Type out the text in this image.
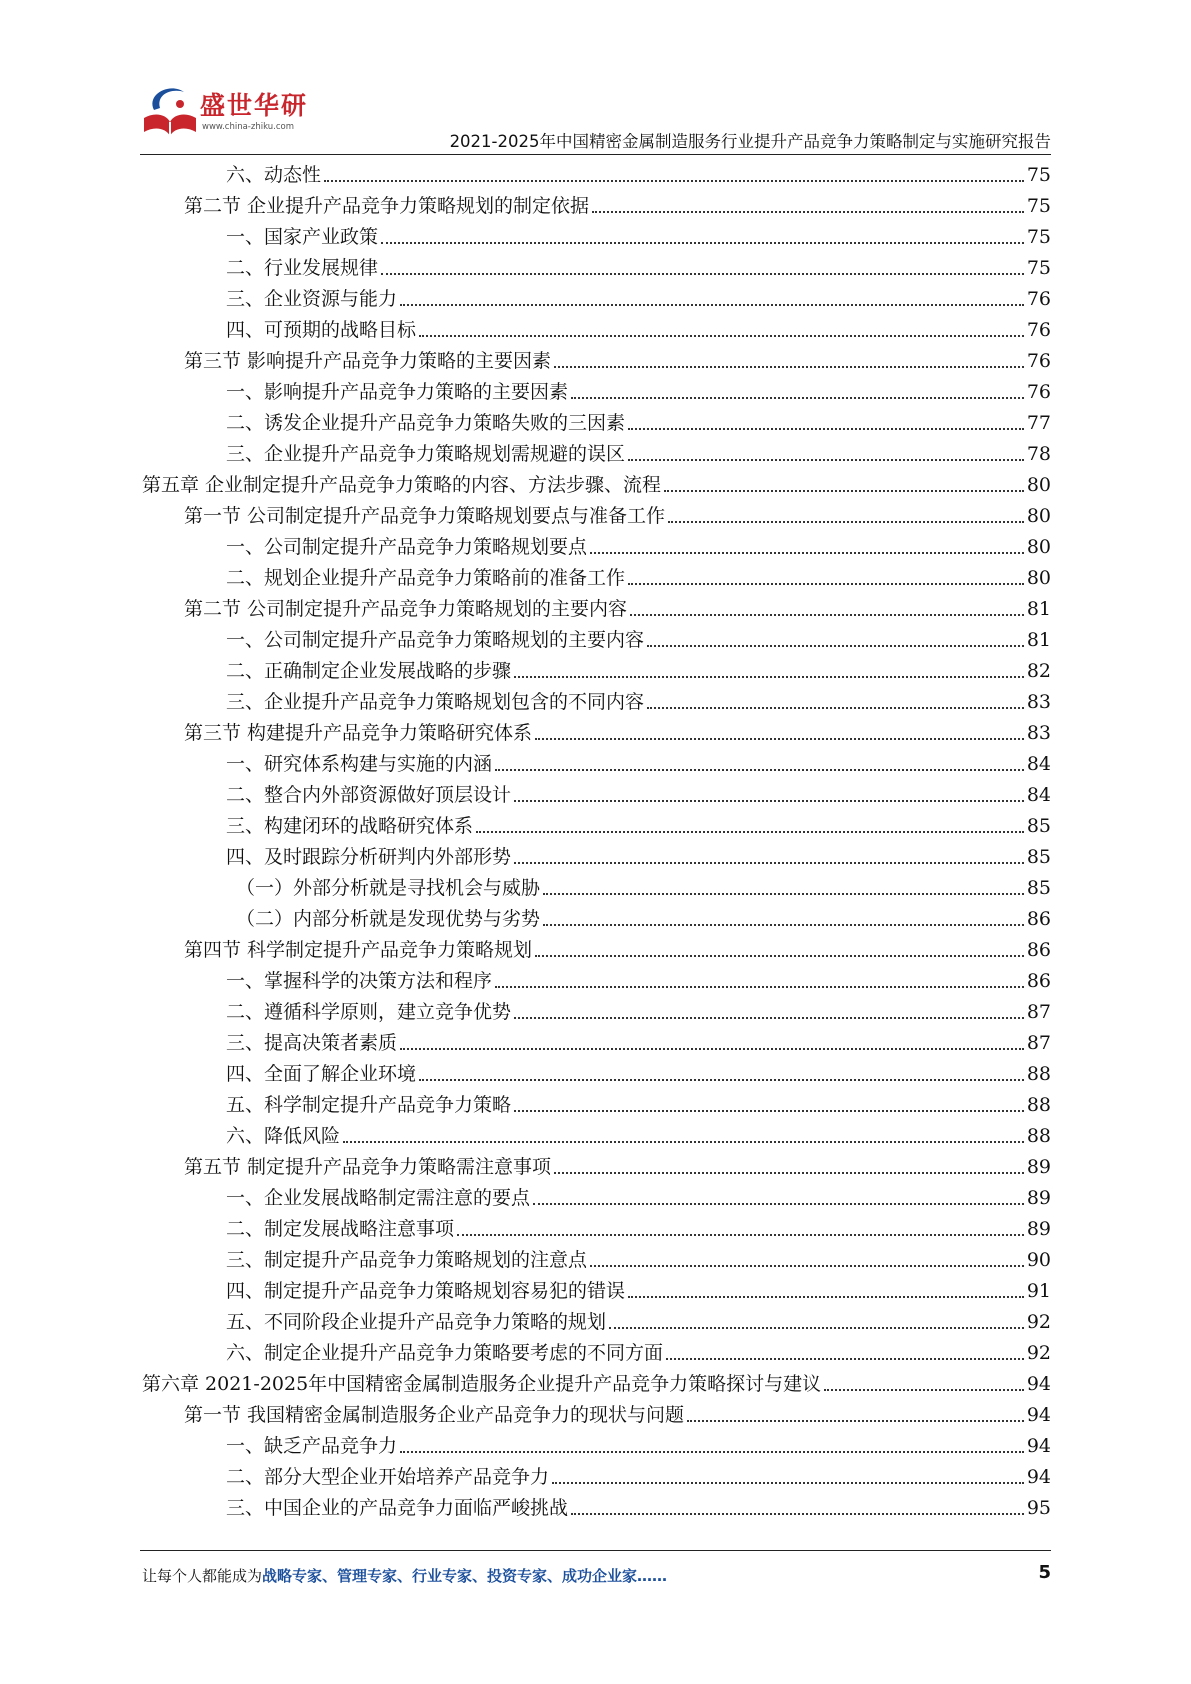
盛世华研
www.china-zhiku.com
2021-2025年中国精密金属制造服务行业提升产品竞争力策略制定与实施研究报告
六、动态性	75
第二节 企业提升产品竞争力策略规划的制定依据	75
一、国家产业政策	75
二、行业发展规律	75
三、企业资源与能力	76
四、可预期的战略目标	76
第三节 影响提升产品竞争力策略的主要因素	76
一、影响提升产品竞争力策略的主要因素	76
二、诱发企业提升产品竞争力策略失败的三因素	77
三、企业提升产品竞争力策略规划需规避的误区	78
第五章 企业制定提升产品竞争力策略的内容、方法步骤、流程	80
第一节 公司制定提升产品竞争力策略规划要点与准备工作	80
一、公司制定提升产品竞争力策略规划要点	80
二、规划企业提升产品竞争力策略前的准备工作	80
第二节 公司制定提升产品竞争力策略规划的主要内容	81
一、公司制定提升产品竞争力策略规划的主要内容	81
二、正确制定企业发展战略的步骤	82
三、企业提升产品竞争力策略规划包含的不同内容	83
第三节 构建提升产品竞争力策略研究体系	83
一、研究体系构建与实施的内涵	84
二、整合内外部资源做好顶层设计	84
三、构建闭环的战略研究体系	85
四、及时跟踪分析研判内外部形势	85
（一）外部分析就是寻找机会与威胁	85
（二）内部分析就是发现优势与劣势	86
第四节 科学制定提升产品竞争力策略规划	86
一、掌握科学的决策方法和程序	86
二、遵循科学原则，建立竞争优势	87
三、提高决策者素质	87
四、全面了解企业环境	88
五、科学制定提升产品竞争力策略	88
六、降低风险	88
第五节 制定提升产品竞争力策略需注意事项	89
一、企业发展战略制定需注意的要点	89
二、制定发展战略注意事项	89
三、制定提升产品竞争力策略规划的注意点	90
四、制定提升产品竞争力策略规划容易犯的错误	91
五、不同阶段企业提升产品竞争力策略的规划	92
六、制定企业提升产品竞争力策略要考虑的不同方面	92
第六章 2021-2025年中国精密金属制造服务企业提升产品竞争力策略探讨与建议	94
第一节 我国精密金属制造服务企业产品竞争力的现状与问题	94
一、缺乏产品竞争力	94
二、部分大型企业开始培养产品竞争力	94
三、中国企业的产品竞争力面临严峻挑战	95
让每个人都能成为战略专家、管理专家、行业专家、投资专家、成功企业家……	5
